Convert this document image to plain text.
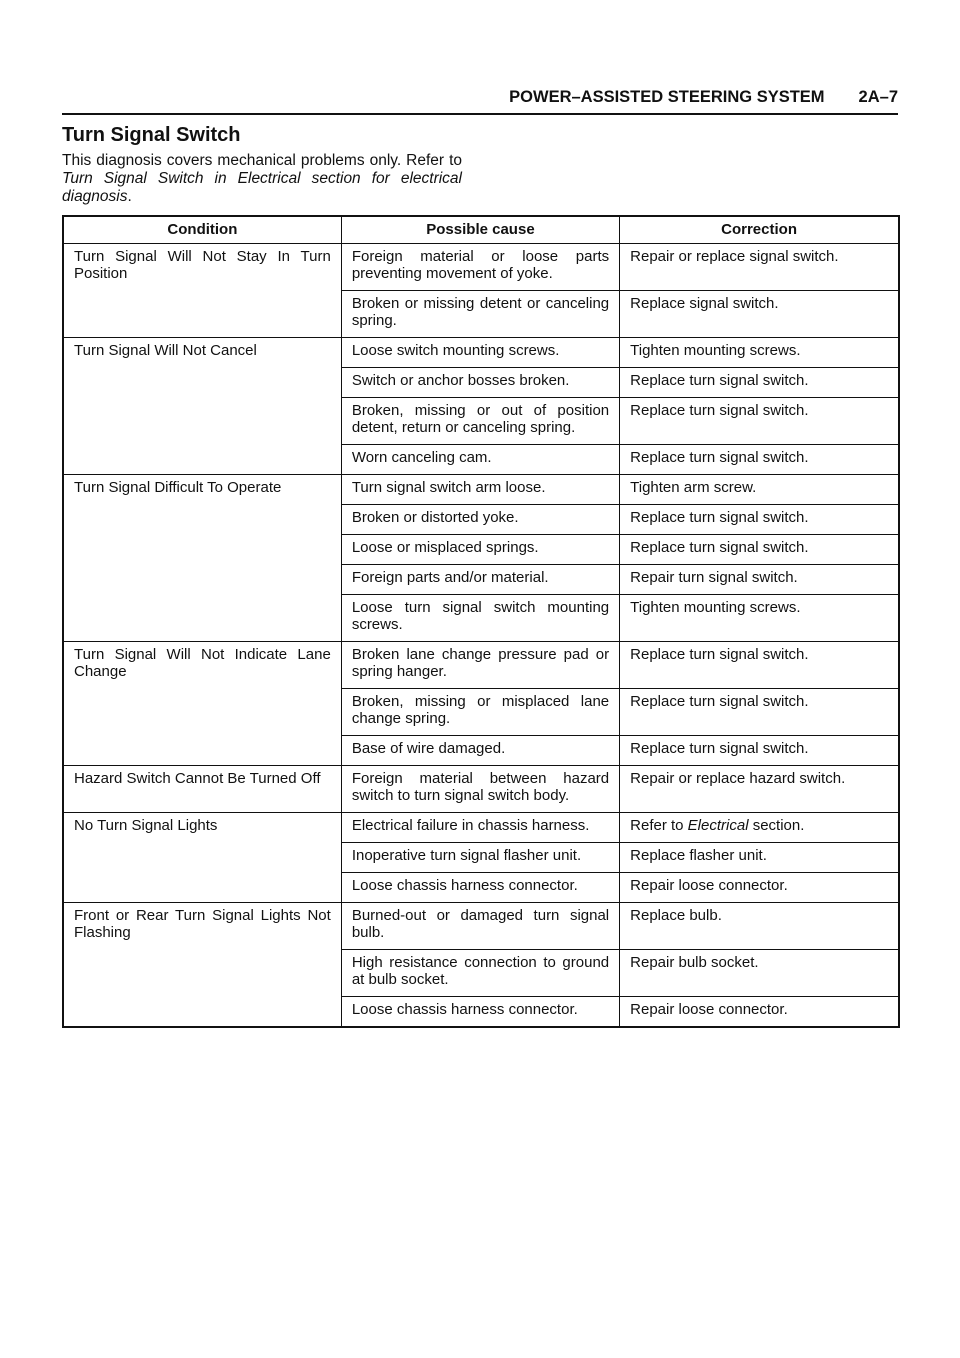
POWER–ASSISTED STEERING SYSTEM 2A–7
Turn Signal Switch
This diagnosis covers mechanical problems only. Refer to Turn Signal Switch in Electrical section for electrical diagnosis.
Condition	Possible cause	Correction
Turn Signal Will Not Stay In Turn Position	Foreign material or loose parts preventing movement of yoke.	Repair or replace signal switch.
	Broken or missing detent or canceling spring.	Replace signal switch.
Turn Signal Will Not Cancel	Loose switch mounting screws.	Tighten mounting screws.
	Switch or anchor bosses broken.	Replace turn signal switch.
	Broken, missing or out of position detent, return or canceling spring.	Replace turn signal switch.
	Worn canceling cam.	Replace turn signal switch.
Turn Signal Difficult To Operate	Turn signal switch arm loose.	Tighten arm screw.
	Broken or distorted yoke.	Replace turn signal switch.
	Loose or misplaced springs.	Replace turn signal switch.
	Foreign parts and/or material.	Repair turn signal switch.
	Loose turn signal switch mounting screws.	Tighten mounting screws.
Turn Signal Will Not Indicate Lane Change	Broken lane change pressure pad or spring hanger.	Replace turn signal switch.
	Broken, missing or misplaced lane change spring.	Replace turn signal switch.
	Base of wire damaged.	Replace turn signal switch.
Hazard Switch Cannot Be Turned Off	Foreign material between hazard switch to turn signal switch body.	Repair or replace hazard switch.
No Turn Signal Lights	Electrical failure in chassis harness.	Refer to Electrical section.
	Inoperative turn signal flasher unit.	Replace flasher unit.
	Loose chassis harness connector.	Repair loose connector.
Front or Rear Turn Signal Lights Not Flashing	Burned-out or damaged turn signal bulb.	Replace bulb.
	High resistance connection to ground at bulb socket.	Repair bulb socket.
	Loose chassis harness connector.	Repair loose connector.
